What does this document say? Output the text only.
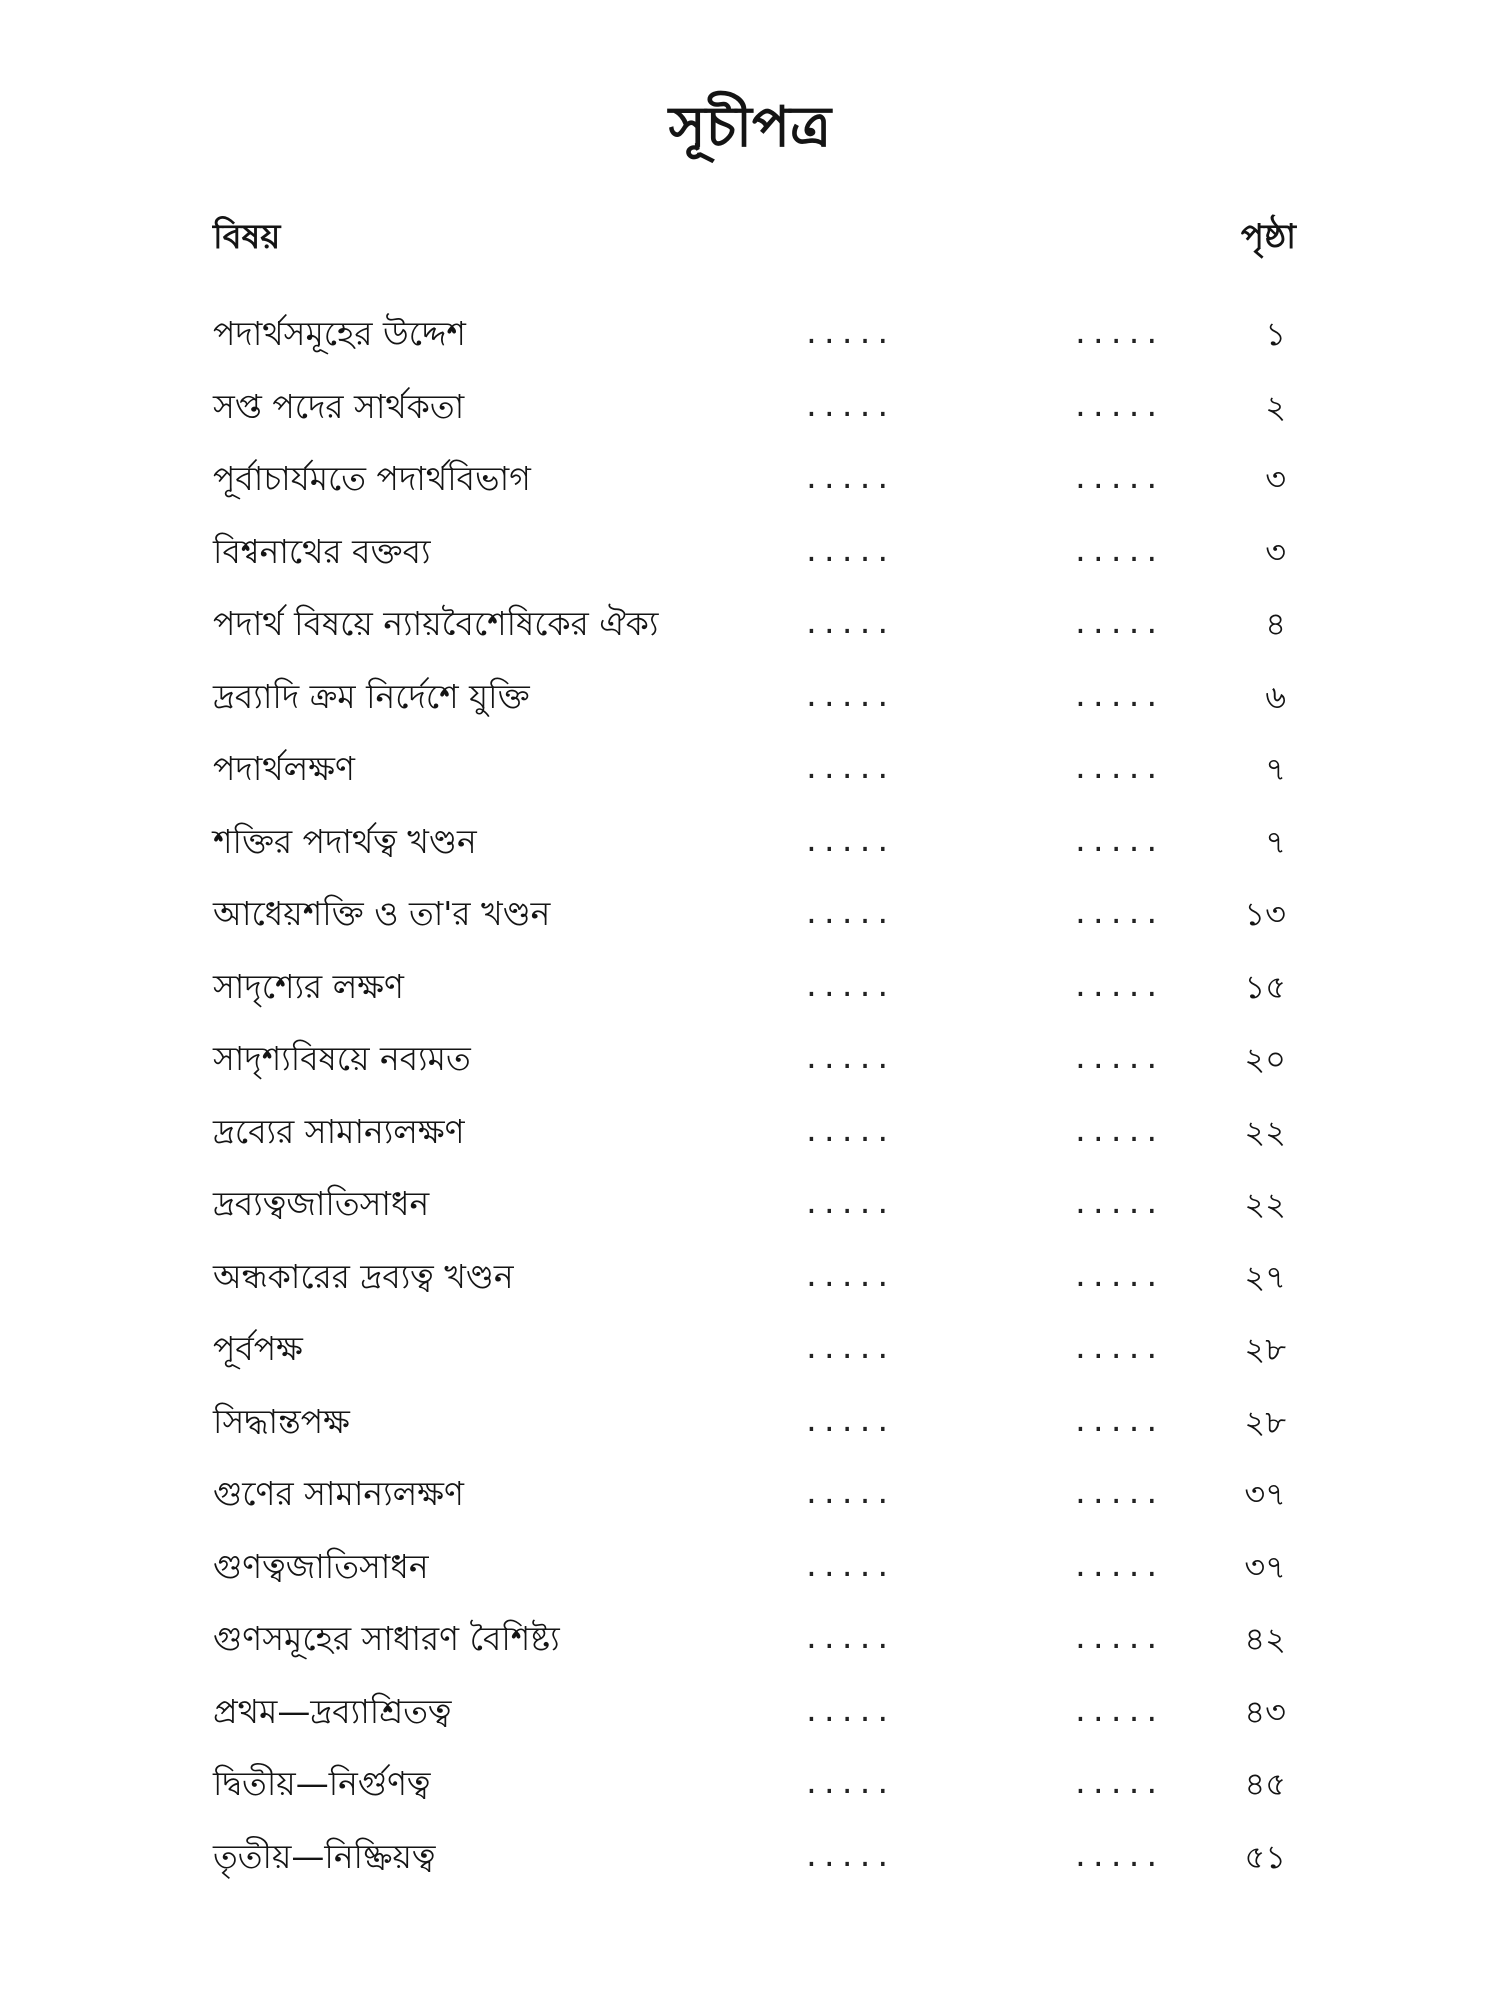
সূচীপত্র
বিষয়	পৃষ্ঠা
পদার্থসমূহের উদ্দেশ	.....	.....	১
সপ্ত পদের সার্থকতা	.....	.....	২
পূর্বাচার্যমতে পদার্থবিভাগ	.....	.....	৩
বিশ্বনাথের বক্তব্য	.....	.....	৩
পদার্থ বিষয়ে ন্যায়বৈশেষিকের ঐক্য	.....	.....	৪
দ্রব্যাদি ক্রম নির্দেশে যুক্তি	.....	.....	৬
পদার্থলক্ষণ	.....	.....	৭
শক্তির পদার্থত্ব খণ্ডন	.....	.....	৭
আধেয়শক্তি ও তা'র খণ্ডন	.....	.....	১৩
সাদৃশ্যের লক্ষণ	.....	.....	১৫
সাদৃশ্যবিষয়ে নব্যমত	.....	.....	২০
দ্রব্যের সামান্যলক্ষণ	.....	.....	২২
দ্রব্যত্বজাতিসাধন	.....	.....	২২
অন্ধকারের দ্রব্যত্ব খণ্ডন	.....	.....	২৭
পূর্বপক্ষ	.....	.....	২৮
সিদ্ধান্তপক্ষ	.....	.....	২৮
গুণের সামান্যলক্ষণ	.....	.....	৩৭
গুণত্বজাতিসাধন	.....	.....	৩৭
গুণসমূহের সাধারণ বৈশিষ্ট্য	.....	.....	৪২
প্রথম—দ্রব্যাশ্রিতত্ব	.....	.....	৪৩
দ্বিতীয়—নির্গুণত্ব	.....	.....	৪৫
তৃতীয়—নিষ্ক্রিয়ত্ব	.....	.....	৫১
